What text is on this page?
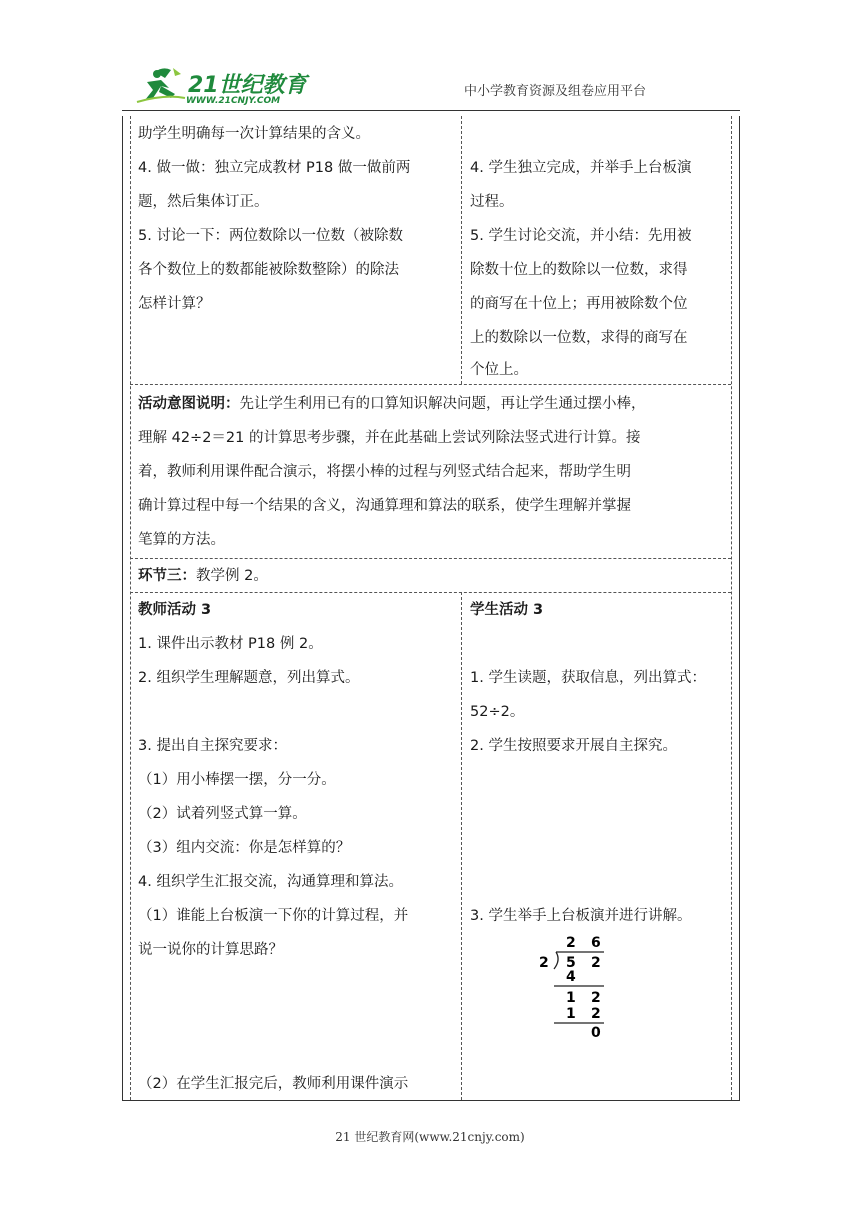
21世纪教育
WWW.21CNJY.COM
中小学教育资源及组卷应用平台
助学生明确每一次计算结果的含义。
4. 做一做：独立完成教材 P18 做一做前两
题，然后集体订正。
5. 讨论一下：两位数除以一位数（被除数
各个数位上的数都能被除数整除）的除法
怎样计算？
4. 学生独立完成，并举手上台板演
过程。
5. 学生讨论交流，并小结：先用被
除数十位上的数除以一位数，求得
的商写在十位上；再用被除数个位
上的数除以一位数，求得的商写在
个位上。
活动意图说明：先让学生利用已有的口算知识解决问题，再让学生通过摆小棒，
理解 42÷2＝21 的计算思考步骤，并在此基础上尝试列除法竖式进行计算。接
着，教师利用课件配合演示，将摆小棒的过程与列竖式结合起来，帮助学生明
确计算过程中每一个结果的含义，沟通算理和算法的联系，使学生理解并掌握
笔算的方法。
环节三：教学例 2。
教师活动 3
1. 课件出示教材 P18 例 2。
2. 组织学生理解题意，列出算式。
3. 提出自主探究要求：
（1）用小棒摆一摆，分一分。
（2）试着列竖式算一算。
（3）组内交流：你是怎样算的？
4. 组织学生汇报交流，沟通算理和算法。
（1）谁能上台板演一下你的计算过程，并
说一说你的计算思路？
（2）在学生汇报完后，教师利用课件演示
学生活动 3
1. 学生读题，获取信息，列出算式：
52÷2。
2. 学生按照要求开展自主探究。
3. 学生举手上台板演并进行讲解。
2 6
2 5 2
4
1 2
1 2
0
21 世纪教育网(www.21cnjy.com)
